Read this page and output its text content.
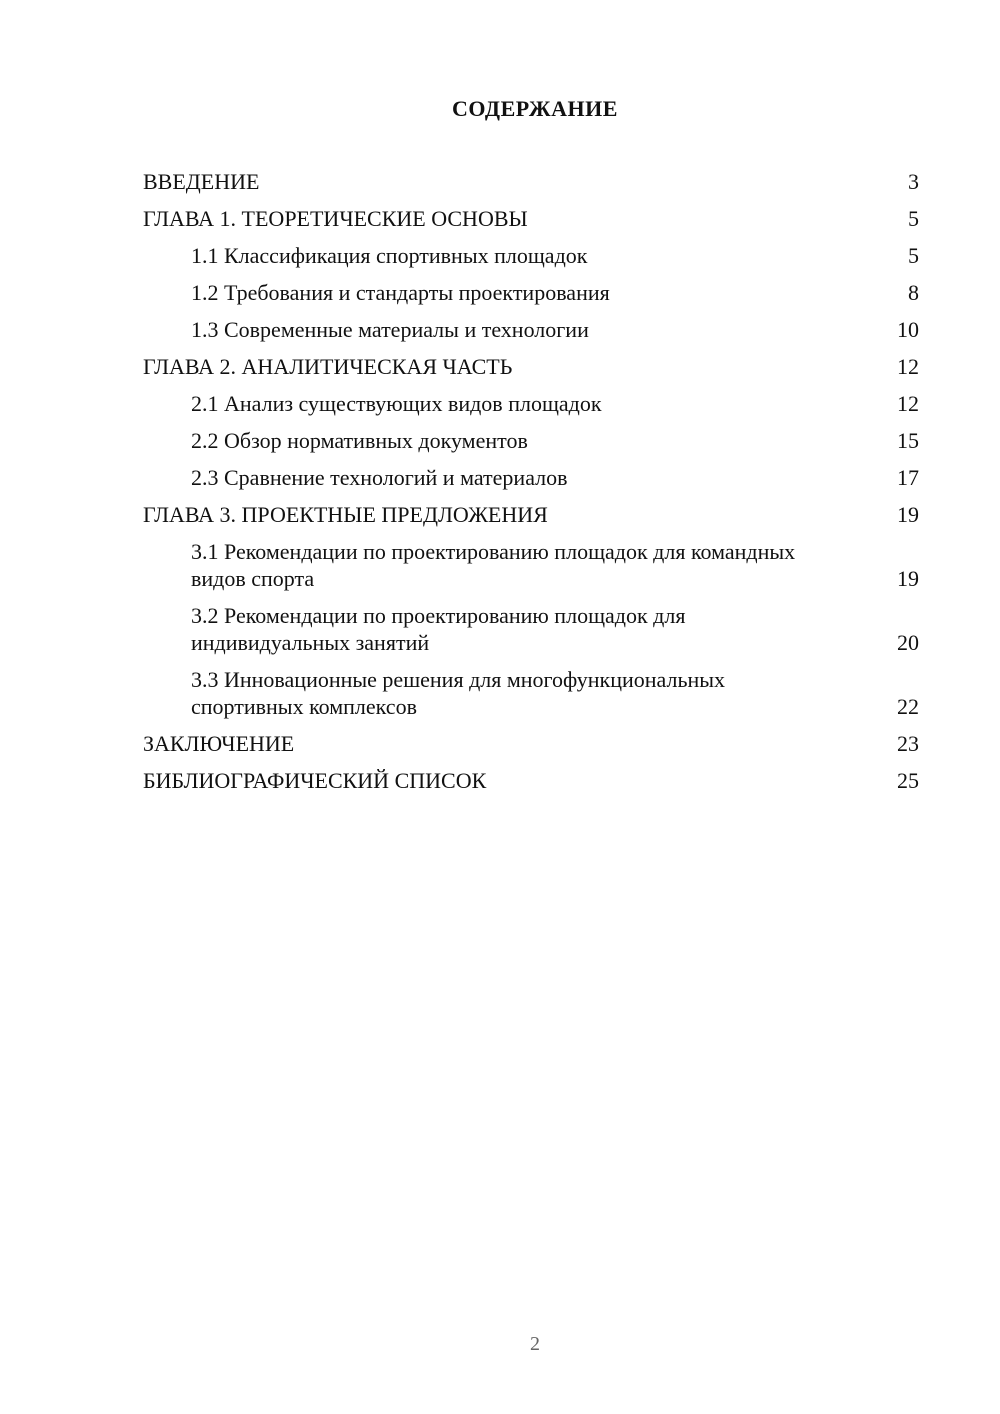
СОДЕРЖАНИЕ
ВВЕДЕНИЕ	3
ГЛАВА 1. ТЕОРЕТИЧЕСКИЕ ОСНОВЫ	5
1.1 Классификация спортивных площадок	5
1.2 Требования и стандарты проектирования	8
1.3 Современные материалы и технологии	10
ГЛАВА 2. АНАЛИТИЧЕСКАЯ ЧАСТЬ	12
2.1 Анализ существующих видов площадок	12
2.2 Обзор нормативных документов	15
2.3 Сравнение технологий и материалов	17
ГЛАВА 3. ПРОЕКТНЫЕ ПРЕДЛОЖЕНИЯ	19
3.1 Рекомендации по проектированию площадок для командных видов спорта	19
3.2 Рекомендации по проектированию площадок для индивидуальных занятий	20
3.3 Инновационные решения для многофункциональных спортивных комплексов	22
ЗАКЛЮЧЕНИЕ	23
БИБЛИОГРАФИЧЕСКИЙ СПИСОК	25
2
